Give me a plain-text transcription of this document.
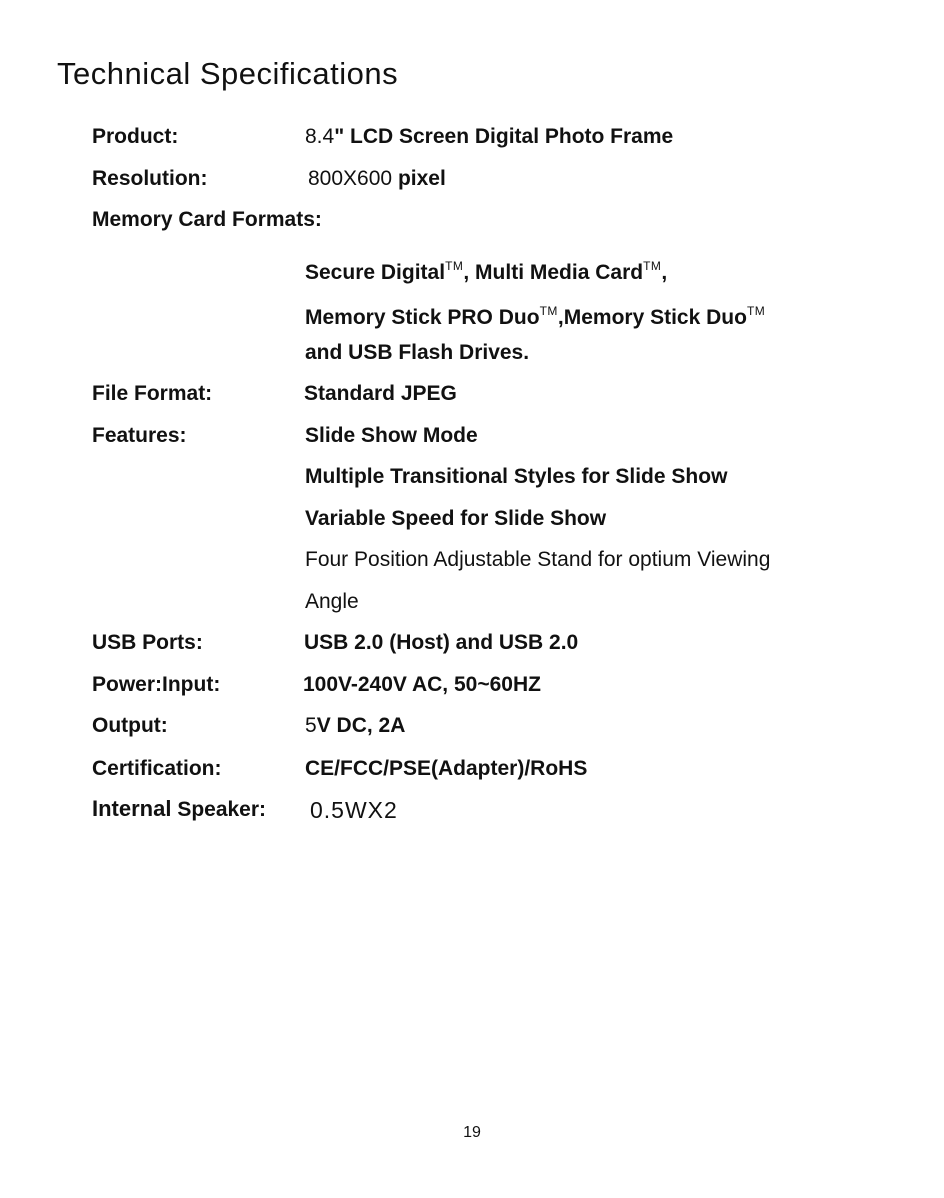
Technical Specifications
Product:	8.4" LCD Screen Digital Photo Frame
Resolution:	800X600 pixel
Memory Card Formats:
Secure Digital™, Multi Media Card™,
Memory Stick PRO Duo™,Memory Stick Duo™
and USB Flash Drives.
File Format:	Standard JPEG
Features:	Slide Show Mode
Multiple Transitional Styles for Slide Show
Variable Speed for Slide Show
Four Position Adjustable Stand for optium Viewing
Angle
USB Ports:	USB 2.0 (Host) and USB 2.0
Power:Input:	100V-240V AC, 50~60HZ
Output:	5V DC, 2A
Certification:	CE/FCC/PSE(Adapter)/RoHS
Internal Speaker: 0.5WX2
19
